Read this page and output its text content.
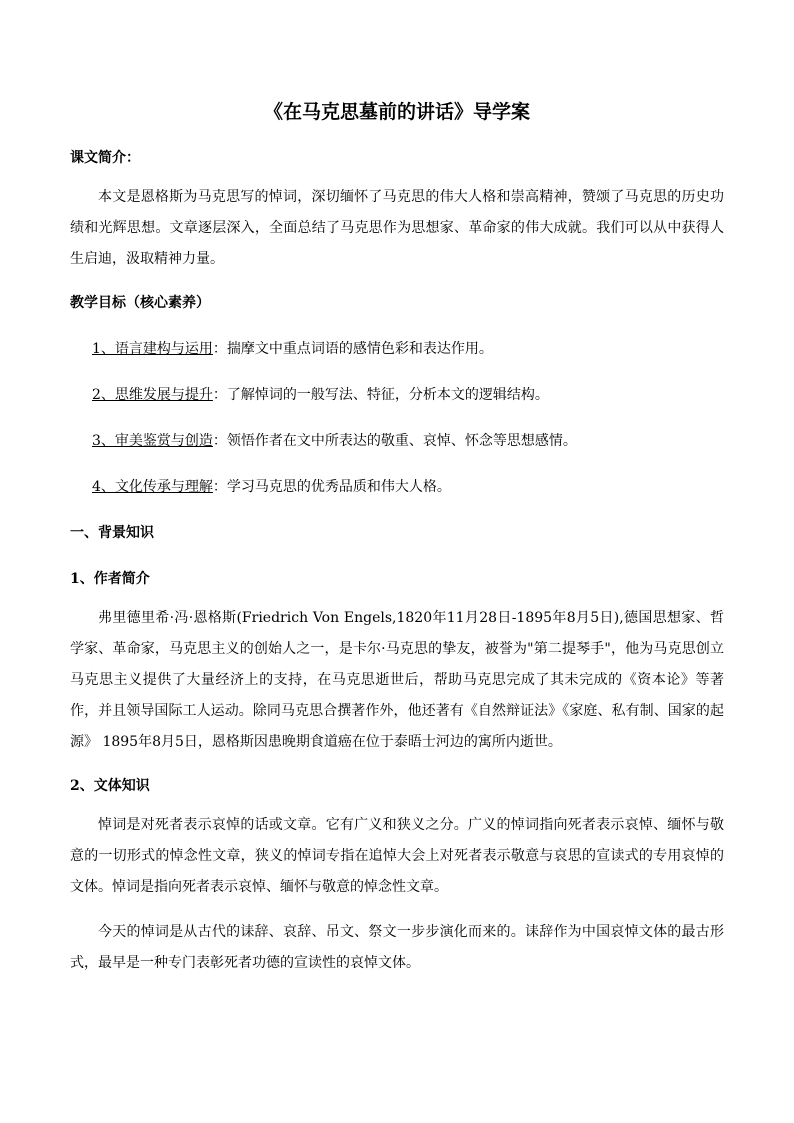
《在马克思墓前的讲话》导学案

课文简介：

本文是恩格斯为马克思写的悼词，深切缅怀了马克思的伟大人格和崇高精神，赞颂了马克思的历史功绩和光辉思想。文章逐层深入，全面总结了马克思作为思想家、革命家的伟大成就。我们可以从中获得人生启迪，汲取精神力量。

教学目标（核心素养）

1、语言建构与运用：揣摩文中重点词语的感情色彩和表达作用。

2、思维发展与提升：了解悼词的一般写法、特征，分析本文的逻辑结构。

3、审美鉴赏与创造：领悟作者在文中所表达的敬重、哀悼、怀念等思想感情。

4、文化传承与理解：学习马克思的优秀品质和伟大人格。

一、背景知识

1、作者简介

弗里德里希·冯·恩格斯(Friedrich Von Engels,1820年11月28日-1895年8月5日),德国思想家、哲学家、革命家，马克思主义的创始人之一，是卡尔·马克思的挚友，被誉为"第二提琴手"，他为马克思创立马克思主义提供了大量经济上的支持，在马克思逝世后，帮助马克思完成了其未完成的《资本论》等著作，并且领导国际工人运动。除同马克思合撰著作外，他还著有《自然辩证法》《家庭、私有制、国家的起源》 1895年8月5日，恩格斯因患晚期食道癌在位于泰晤士河边的寓所内逝世。

2、文体知识

悼词是对死者表示哀悼的话或文章。它有广义和狭义之分。广义的悼词指向死者表示哀悼、缅怀与敬意的一切形式的悼念性文章，狭义的悼词专指在追悼大会上对死者表示敬意与哀思的宣读式的专用哀悼的文体。悼词是指向死者表示哀悼、缅怀与敬意的悼念性文章。

今天的悼词是从古代的诔辞、哀辞、吊文、祭文一步步演化而来的。诔辞作为中国哀悼文体的最古形式，最早是一种专门表彰死者功德的宣读性的哀悼文体。
